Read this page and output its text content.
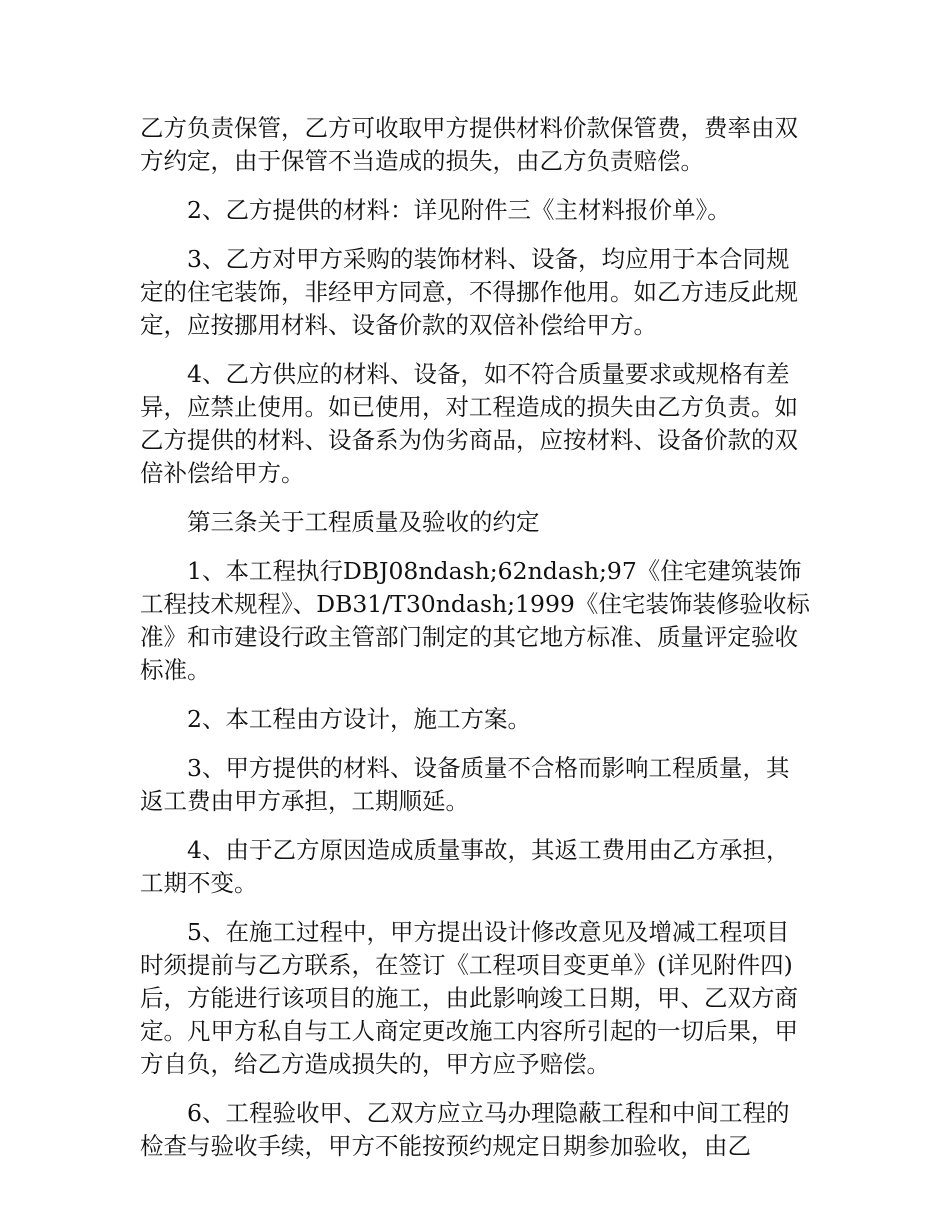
乙方负责保管，乙方可收取甲方提供材料价款保管费，费率由双方约定，由于保管不当造成的损失，由乙方负责赔偿。

2、乙方提供的材料：详见附件三《主材料报价单》。

3、乙方对甲方采购的装饰材料、设备，均应用于本合同规定的住宅装饰，非经甲方同意，不得挪作他用。如乙方违反此规定，应按挪用材料、设备价款的双倍补偿给甲方。

4、乙方供应的材料、设备，如不符合质量要求或规格有差异，应禁止使用。如已使用，对工程造成的损失由乙方负责。如乙方提供的材料、设备系为伪劣商品，应按材料、设备价款的双倍补偿给甲方。

第三条关于工程质量及验收的约定

1、本工程执行DBJ08ndash;62ndash;97《住宅建筑装饰工程技术规程》、DB31/T30ndash;1999《住宅装饰装修验收标准》和市建设行政主管部门制定的其它地方标准、质量评定验收标准。

2、本工程由方设计，施工方案。

3、甲方提供的材料、设备质量不合格而影响工程质量，其返工费由甲方承担，工期顺延。

4、由于乙方原因造成质量事故，其返工费用由乙方承担，工期不变。

5、在施工过程中，甲方提出设计修改意见及增减工程项目时须提前与乙方联系，在签订《工程项目变更单》(详见附件四)后，方能进行该项目的施工，由此影响竣工日期，甲、乙双方商定。凡甲方私自与工人商定更改施工内容所引起的一切后果，甲方自负，给乙方造成损失的，甲方应予赔偿。

6、工程验收甲、乙双方应立马办理隐蔽工程和中间工程的检查与验收手续，甲方不能按预约规定日期参加验收，由乙
